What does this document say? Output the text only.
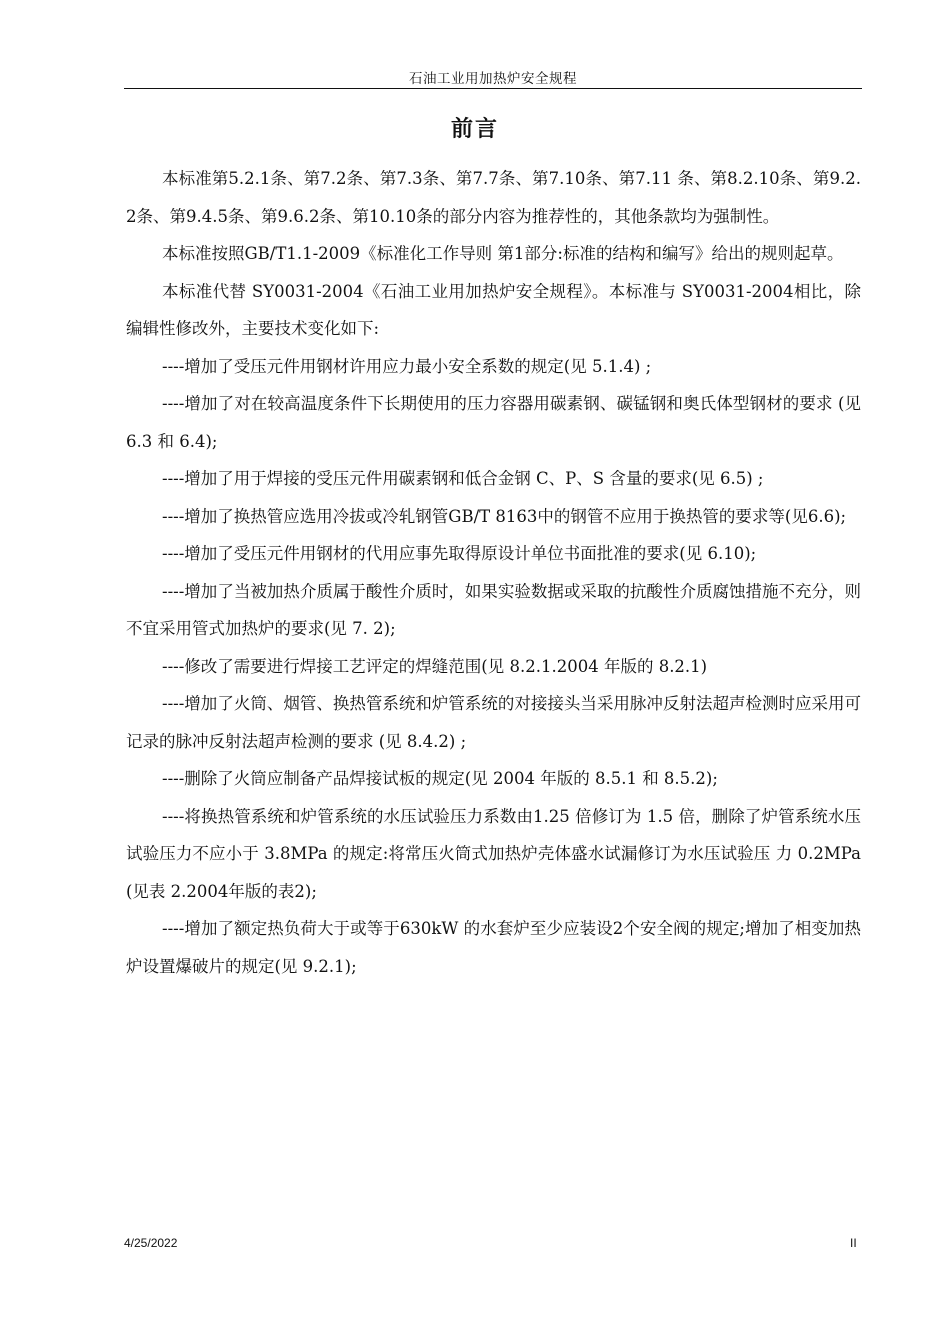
石油工业用加热炉安全规程
前言

本标准第5.2.1条、第7.2条、第7.3条、第7.7条、第7.10条、第7.11 条、第8.2.10条、第9.2.2条、第9.4.5条、第9.6.2条、第10.10条的部分内容为推荐性的，其他条款均为强制性。

本标准按照GB/T1.1-2009《标准化工作导则 第1部分:标准的结构和编写》给出的规则起草。

本标准代替 SY0031-2004《石油工业用加热炉安全规程》。本标准与 SY0031-2004相比，除编辑性修改外，主要技术变化如下:

----增加了受压元件用钢材许用应力最小安全系数的规定(见 5.1.4) ;

----增加了对在较高温度条件下长期使用的压力容器用碳素钢、碳锰钢和奥氏体型钢材的要求 (见 6.3 和 6.4);

----增加了用于焊接的受压元件用碳素钢和低合金钢 C、P、S 含量的要求(见 6.5) ;

----增加了换热管应选用冷拔或冷轧钢管GB/T 8163中的钢管不应用于换热管的要求等(见6.6);

----增加了受压元件用钢材的代用应事先取得原设计单位书面批准的要求(见 6.10);

----增加了当被加热介质属于酸性介质时，如果实验数据或采取的抗酸性介质腐蚀措施不充分，则不宜采用管式加热炉的要求(见 7. 2);

----修改了需要进行焊接工艺评定的焊缝范围(见 8.2.1.2004 年版的 8.2.1)

----增加了火筒、烟管、换热管系统和炉管系统的对接接头当采用脉冲反射法超声检测时应采用可记录的脉冲反射法超声检测的要求 (见 8.4.2) ;

----删除了火筒应制备产品焊接试板的规定(见 2004 年版的 8.5.1 和 8.5.2);

----将换热管系统和炉管系统的水压试验压力系数由1.25 倍修订为 1.5 倍，删除了炉管系统水压试验压力不应小于 3.8MPa 的规定:将常压火筒式加热炉壳体盛水试漏修订为水压试验压 力 0.2MPa (见表 2.2004年版的表2);

----增加了额定热负荷大于或等于630kW 的水套炉至少应装设2个安全阀的规定;增加了相变加热炉设置爆破片的规定(见 9.2.1);

4/25/2022	II
